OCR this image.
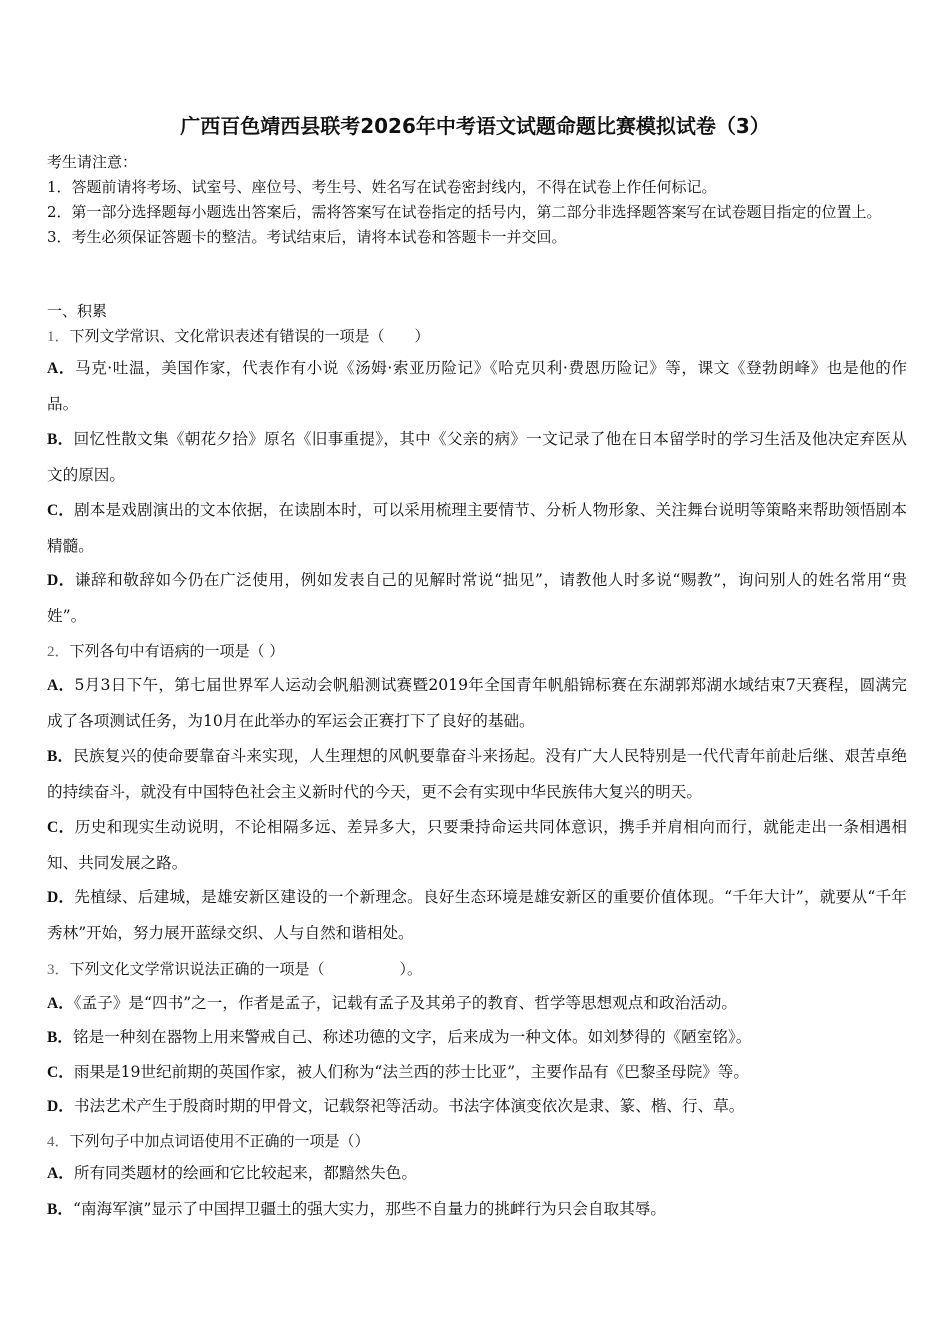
广西百色靖西县联考2026年中考语文试题命题比赛模拟试卷（3）
考生请注意：
1．答题前请将考场、试室号、座位号、考生号、姓名写在试卷密封线内，不得在试卷上作任何标记。
2．第一部分选择题每小题选出答案后，需将答案写在试卷指定的括号内，第二部分非选择题答案写在试卷题目指定的位置上。
3．考生必须保证答题卡的整洁。考试结束后，请将本试卷和答题卡一并交回。
一、积累
1．下列文学常识、文化常识表述有错误的一项是（　　）
A．马克·吐温，美国作家，代表作有小说《汤姆·索亚历险记》《哈克贝利·费恩历险记》等，课文《登勃朗峰》也是他的作品。
B．回忆性散文集《朝花夕拾》原名《旧事重提》，其中《父亲的病》一文记录了他在日本留学时的学习生活及他决定弃医从文的原因。
C．剧本是戏剧演出的文本依据，在读剧本时，可以采用梳理主要情节、分析人物形象、关注舞台说明等策略来帮助领悟剧本精髓。
D．谦辞和敬辞如今仍在广泛使用，例如发表自己的见解时常说“拙见”，请教他人时多说“赐教”，询问别人的姓名常用“贵姓”。
2．下列各句中有语病的一项是（ ）
A．5月3日下午，第七届世界军人运动会帆船测试赛暨2019年全国青年帆船锦标赛在东湖郭郑湖水域结束7天赛程，圆满完成了各项测试任务，为10月在此举办的军运会正赛打下了良好的基础。
B．民族复兴的使命要靠奋斗来实现，人生理想的风帆要靠奋斗来扬起。没有广大人民特别是一代代青年前赴后继、艰苦卓绝的持续奋斗，就没有中国特色社会主义新时代的今天，更不会有实现中华民族伟大复兴的明天。
C．历史和现实生动说明，不论相隔多远、差异多大，只要秉持命运共同体意识，携手并肩相向而行，就能走出一条相遇相知、共同发展之路。
D．先植绿、后建城，是雄安新区建设的一个新理念。良好生态环境是雄安新区的重要价值体现。“千年大计”，就要从“千年秀林”开始，努力展开蓝绿交织、人与自然和谐相处。
3．下列文化文学常识说法正确的一项是（　　　　　）。
A．《孟子》是“四书”之一，作者是孟子，记载有孟子及其弟子的教育、哲学等思想观点和政治活动。
B．铭是一种刻在器物上用来警戒自己、称述功德的文字，后来成为一种文体。如刘梦得的《陋室铭》。
C．雨果是19世纪前期的英国作家，被人们称为“法兰西的莎士比亚”，主要作品有《巴黎圣母院》等。
D．书法艺术产生于殷商时期的甲骨文，记载祭祀等活动。书法字体演变依次是隶、篆、楷、行、草。
4．下列句子中加点词语使用不正确的一项是（）
A．所有同类题材的绘画和它比较起来，都黯然失色。
B．“南海军演”显示了中国捍卫疆土的强大实力，那些不自量力的挑衅行为只会自取其辱。
